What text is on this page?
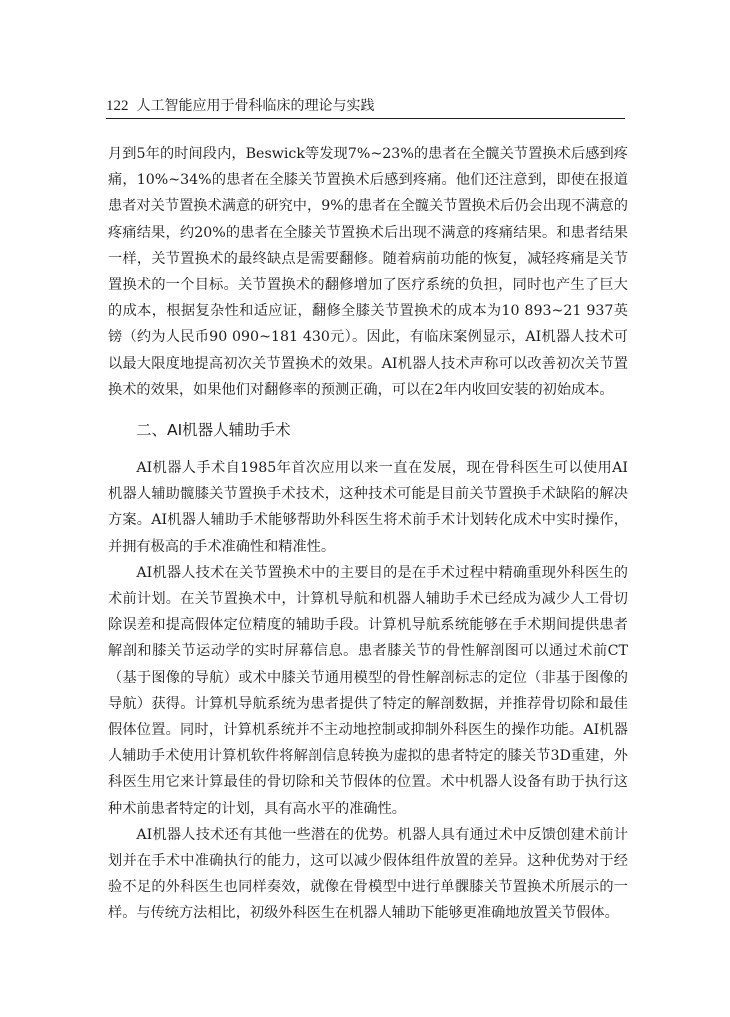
122 人工智能应用于骨科临床的理论与实践

月到5年的时间段内，Beswick等发现7%~23%的患者在全髋关节置换术后感到疼痛，10%~34%的患者在全膝关节置换术后感到疼痛。他们还注意到，即使在报道患者对关节置换术满意的研究中，9%的患者在全髋关节置换术后仍会出现不满意的疼痛结果，约20%的患者在全膝关节置换术后出现不满意的疼痛结果。和患者结果一样，关节置换术的最终缺点是需要翻修。随着病前功能的恢复，减轻疼痛是关节置换术的一个目标。关节置换术的翻修增加了医疗系统的负担，同时也产生了巨大的成本，根据复杂性和适应证，翻修全膝关节置换术的成本为10 893~21 937英镑（约为人民币90 090~181 430元）。因此，有临床案例显示，AI机器人技术可以最大限度地提高初次关节置换术的效果。AI机器人技术声称可以改善初次关节置换术的效果，如果他们对翻修率的预测正确，可以在2年内收回安装的初始成本。

二、AI机器人辅助手术

AI机器人手术自1985年首次应用以来一直在发展，现在骨科医生可以使用AI机器人辅助髋膝关节置换手术技术，这种技术可能是目前关节置换手术缺陷的解决方案。AI机器人辅助手术能够帮助外科医生将术前手术计划转化成术中实时操作，并拥有极高的手术准确性和精准性。

AI机器人技术在关节置换术中的主要目的是在手术过程中精确重现外科医生的术前计划。在关节置换术中，计算机导航和机器人辅助手术已经成为减少人工骨切除误差和提高假体定位精度的辅助手段。计算机导航系统能够在手术期间提供患者解剖和膝关节运动学的实时屏幕信息。患者膝关节的骨性解剖图可以通过术前CT（基于图像的导航）或术中膝关节通用模型的骨性解剖标志的定位（非基于图像的导航）获得。计算机导航系统为患者提供了特定的解剖数据，并推荐骨切除和最佳假体位置。同时，计算机系统并不主动地控制或抑制外科医生的操作功能。AI机器人辅助手术使用计算机软件将解剖信息转换为虚拟的患者特定的膝关节3D重建，外科医生用它来计算最佳的骨切除和关节假体的位置。术中机器人设备有助于执行这种术前患者特定的计划，具有高水平的准确性。

AI机器人技术还有其他一些潜在的优势。机器人具有通过术中反馈创建术前计划并在手术中准确执行的能力，这可以减少假体组件放置的差异。这种优势对于经验不足的外科医生也同样奏效，就像在骨模型中进行单髁膝关节置换术所展示的一样。与传统方法相比，初级外科医生在机器人辅助下能够更准确地放置关节假体。
